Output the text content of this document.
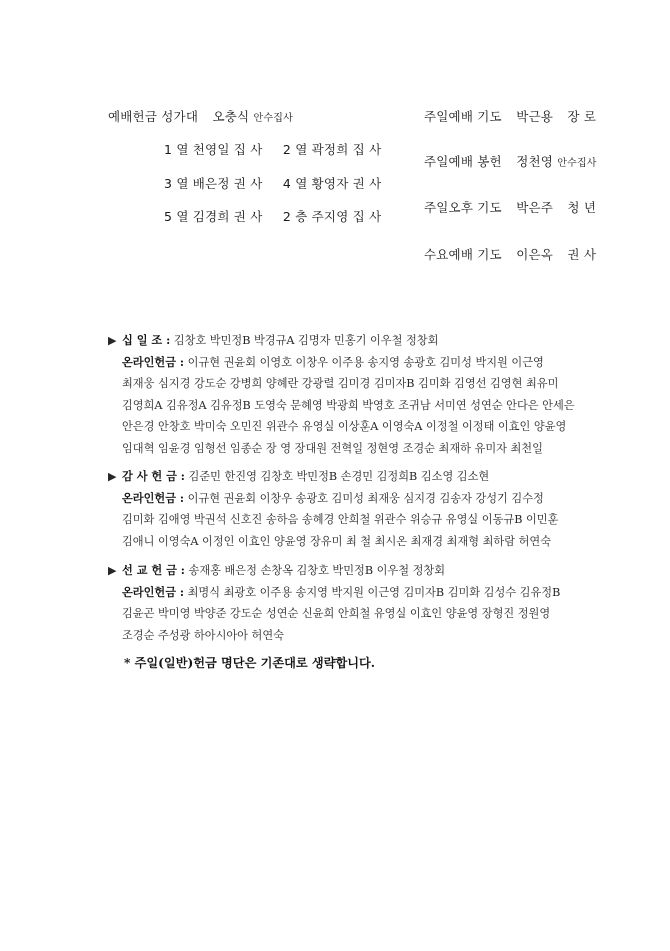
예배헌금 성가대 오충식 안수집사
1 열 천영일 집 사 2 열 곽정희 집 사
3 열 배은정 권 사 4 열 황영자 권 사
5 열 김경희 권 사 2 층 주지영 집 사
주일예배 기도 박근용 장 로
주일예배 봉헌 정천영 안수집사
주일오후 기도 박은주 청 년
수요예배 기도 이은옥 권 사
▶ 십 일 조 : 김창호 박민정B 박경규A 김명자 민홍기 이우철 정창회
온라인헌금 : 이규현 권윤회 이영호 이창우 이주용 송지영 송광호 김미성 박지원 이근영
최재웅 심지경 강도순 강병희 양혜란 강광렬 김미경 김미자B 김미화 김영선 김영현 최유미
김영희A 김유정A 김유정B 도영숙 문혜영 박광희 박영호 조귀남 서미연 성연순 안다은 안세은
안은경 안창호 박미숙 오민진 위관수 유영실 이상훈A 이영숙A 이정철 이정태 이효인 양윤영
임대혁 임윤경 임형선 임종순 장 영 장대원 전혁일 정현영 조경순 최재하 유미자 최천일
▶ 감 사 헌 금 : 김준민 한진영 김창호 박민정B 손경민 김정희B 김소영 김소현
온라인헌금 : 이규현 권윤회 이창우 송광호 김미성 최재웅 심지경 김송자 강성기 김수정
김미화 김애영 박권석 신호진 송하음 송혜경 안희철 위관수 위승규 유영실 이동규B 이민훈
김애니 이영숙A 이정인 이효인 양윤영 장유미 최 철 최시온 최재경 최재형 최하람 허연숙
▶ 선 교 헌 금 : 송재홍 배은정 손창옥 김창호 박민정B 이우철 정창회
온라인헌금 : 최명식 최광호 이주용 송지영 박지원 이근영 김미자B 김미화 김성수 김유정B
김윤곤 박미영 박양준 강도순 성연순 신윤희 안희철 유영실 이효인 양윤영 장형진 정원영
조경순 주성광 하아시아아 허연숙
* 주일(일반)헌금 명단은 기존대로 생략합니다.
